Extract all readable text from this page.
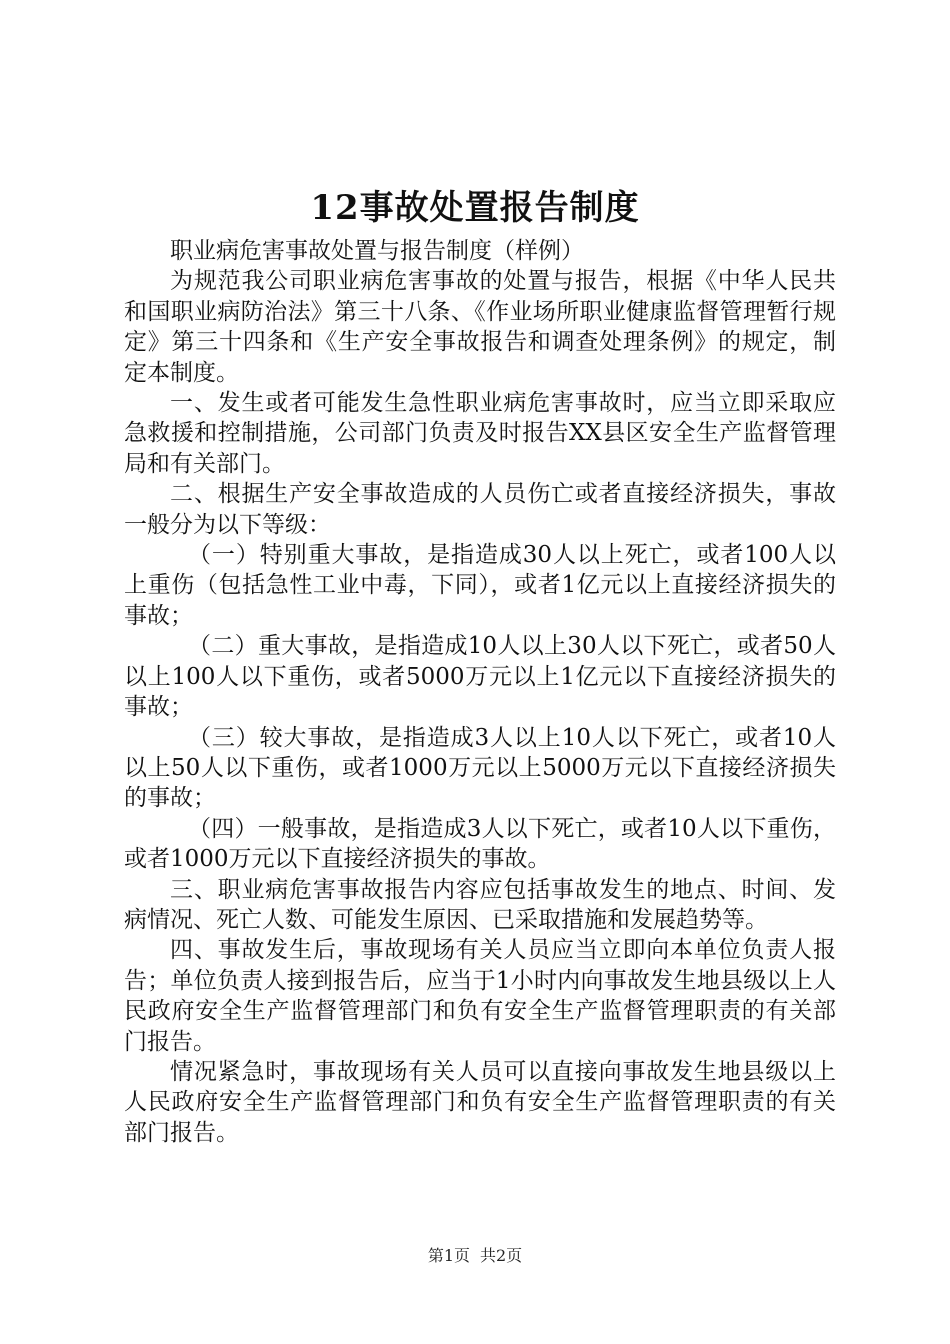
12事故处置报告制度

职业病危害事故处置与报告制度（样例）

为规范我公司职业病危害事故的处置与报告，根据《中华人民共和国职业病防治法》第三十八条、《作业场所职业健康监督管理暂行规定》第三十四条和《生产安全事故报告和调查处理条例》的规定，制定本制度。

一、发生或者可能发生急性职业病危害事故时，应当立即采取应急救援和控制措施，公司部门负责及时报告XX县区安全生产监督管理局和有关部门。

二、根据生产安全事故造成的人员伤亡或者直接经济损失，事故一般分为以下等级：

（一）特别重大事故，是指造成30人以上死亡，或者100人以上重伤（包括急性工业中毒，下同），或者1亿元以上直接经济损失的事故；

（二）重大事故，是指造成10人以上30人以下死亡，或者50人以上100人以下重伤，或者5000万元以上1亿元以下直接经济损失的事故；

（三）较大事故，是指造成3人以上10人以下死亡，或者10人以上50人以下重伤，或者1000万元以上5000万元以下直接经济损失的事故；

（四）一般事故，是指造成3人以下死亡，或者10人以下重伤，或者1000万元以下直接经济损失的事故。

三、职业病危害事故报告内容应包括事故发生的地点、时间、发病情况、死亡人数、可能发生原因、已采取措施和发展趋势等。

四、事故发生后，事故现场有关人员应当立即向本单位负责人报告；单位负责人接到报告后，应当于1小时内向事故发生地县级以上人民政府安全生产监督管理部门和负有安全生产监督管理职责的有关部门报告。

情况紧急时，事故现场有关人员可以直接向事故发生地县级以上人民政府安全生产监督管理部门和负有安全生产监督管理职责的有关部门报告。

第1页 共2页
